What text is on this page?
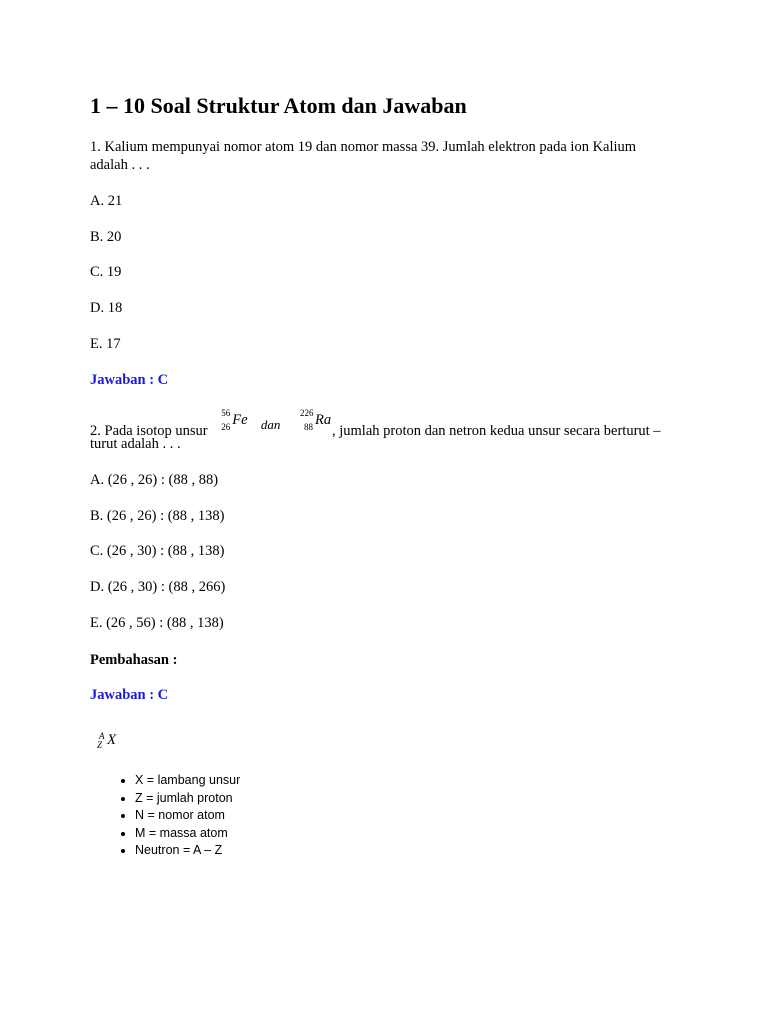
1 – 10 Soal Struktur Atom dan Jawaban
1. Kalium mempunyai nomor atom 19 dan nomor massa 39. Jumlah elektron pada ion Kalium
adalah . . .
A. 21
B. 20
C. 19
D. 18
E. 17
Jawaban : C
2. Pada isotop unsur
56
26 Fe dan
226
88 Ra
, jumlah proton dan netron kedua unsur secara berturut –
turut adalah . . .
A. (26 , 26) : (88 , 88)
B. (26 , 26) : (88 , 138)
C. (26 , 30) : (88 , 138)
D. (26 , 30) : (88 , 266)
E. (26 , 56) : (88 , 138)
Pembahasan :
Jawaban : C
A
Z X
• X = lambang unsur
• Z = jumlah proton
• N = nomor atom
• M = massa atom
• Neutron = A – Z
